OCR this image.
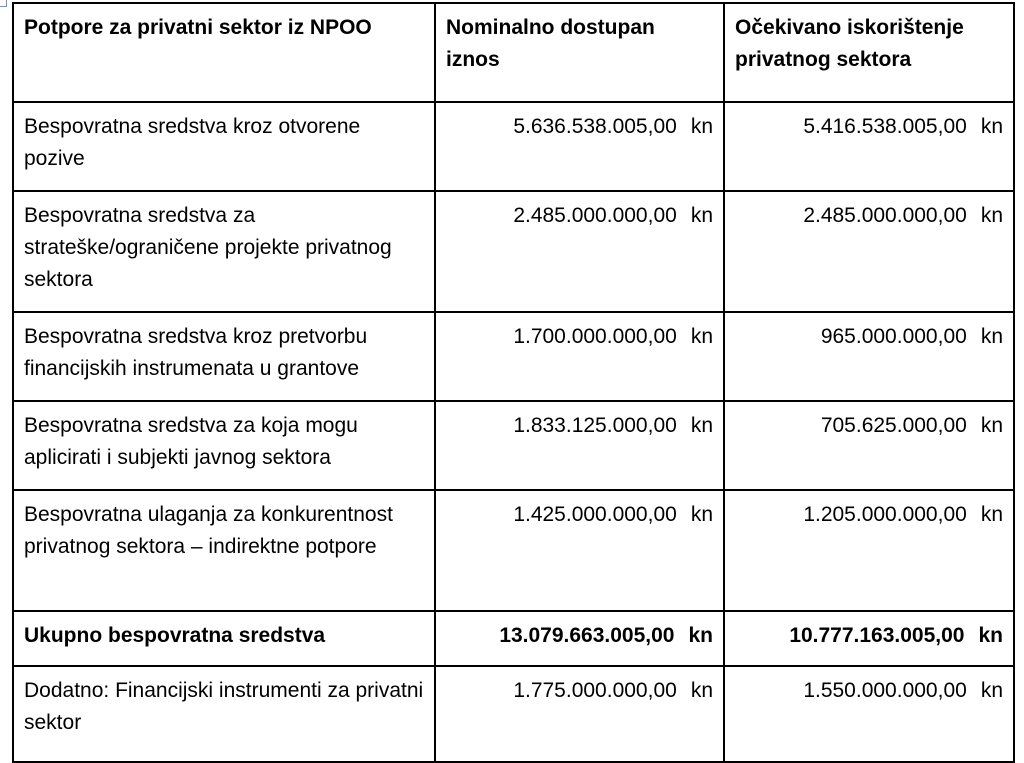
Potpore za privatni sektor iz NPOO	Nominalno dostupan iznos	Očekivano iskorištenje privatnog sektora
Bespovratna sredstva kroz otvorene pozive	5.636.538.005,00 kn	5.416.538.005,00 kn
Bespovratna sredstva za strateške/ograničene projekte privatnog sektora	2.485.000.000,00 kn	2.485.000.000,00 kn
Bespovratna sredstva kroz pretvorbu financijskih instrumenata u grantove	1.700.000.000,00 kn	965.000.000,00 kn
Bespovratna sredstva za koja mogu aplicirati i subjekti javnog sektora	1.833.125.000,00 kn	705.625.000,00 kn
Bespovratna ulaganja za konkurentnost privatnog sektora – indirektne potpore	1.425.000.000,00 kn	1.205.000.000,00 kn
Ukupno bespovratna sredstva	13.079.663.005,00 kn	10.777.163.005,00 kn
Dodatno: Financijski instrumenti za privatni sektor	1.775.000.000,00 kn	1.550.000.000,00 kn
